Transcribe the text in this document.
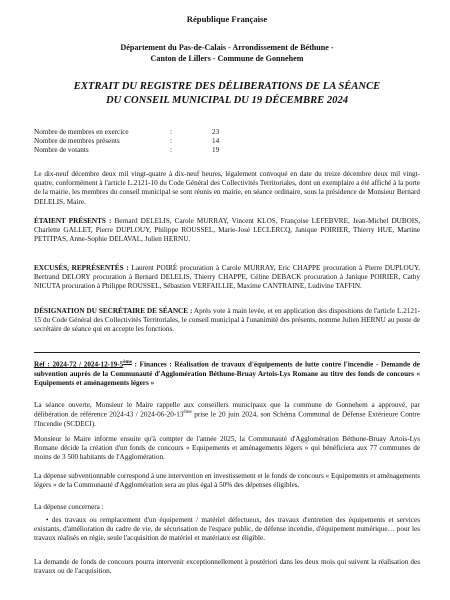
République Française
Département du Pas-de-Calais - Arrondissement de Béthune -
Canton de Lillers - Commune de Gonnehem
EXTRAIT DU REGISTRE DES DÉLIBERATIONS DE LA SÉANCE
DU CONSEIL MUNICIPAL DU 19 DÉCEMBRE 2024
Nombre de membres en exercice	:	23
Nombre de membres présents	:	14
Nombre de votants	:	19

Le dix-neuf décembre deux mil vingt-quatre à dix-neuf heures, légalement convoqué en date du treize décembre deux mil vingt-quatre, conformément à l'article L.2121-10 du Code Général des Collectivités Territoriales, dont un exemplaire a été affiché à la porte de la mairie, les membres du conseil municipal se sont réunis en mairie, en séance ordinaire, sous la présidence de Monsieur Bernard DELELIS, Maire.

ÉTAIENT PRÉSENTS : Bernard DELELIS, Carole MURRAY, Vincent KLOS, Françoise LEFEBVRE, Jean-Michel DUBOIS, Charlette GALLET, Pierre DUPLOUY, Philippe ROUSSEL, Marie-José LECLERCQ, Janique POIRIER, Thierry HUE, Martine PETITPAS, Anne-Sophie DELAVAL, Julien HERNU.

EXCUSÉS, REPRÉSENTÉS : Laurent POIRÉ procuration à Carole MURRAY, Eric CHAPPE procuration à Pierre DUPLOUY, Bertrand DELORY procuration à Bernard DELELIS, Thierry CHAPPE, Céline DEBACK procuration à Janique POIRIER, Cathy NICUTA procuration à Philippe ROUSSEL, Sébastien VERFAILLIE, Maxime CANTRAINE, Ludivine TAFFIN.

DÉSIGNATION DU SECRÉTAIRE DE SÉANCE : Après vote à main levée, et en application des dispositions de l'article L.2121-15 du Code Général des Collectivités Territoriales, le conseil municipal à l'unanimité des présents, nomme Julien HERNU au poste de secrétaire de séance qui en accepte les fonctions.

Réf : 2024-72 / 2024-12-19-5ème : Finances : Réalisation de travaux d'équipements de lutte contre l'incendie - Demande de subvention auprès de la Communauté d'Agglomération Béthune-Bruay Artois-Lys Romane au titre des fonds de concours « Equipements et aménagements légers »

La séance ouverte, Monsieur le Maire rappelle aux conseillers municipaux que la commune de Gonnehem a approuvé, par délibération de référence 2024-43 / 2024-06-20-13ème prise le 20 juin 2024, son Schéma Communal de Défense Extérieure Contre l'Incendie (SCDECI).

Monsieur le Maire informe ensuite qu'à compter de l'année 2025, la Communauté d'Agglomération Béthune-Bruay Artois-Lys Romane décide la création d'un fonds de concours « Equipements et aménagements légers » qui bénéficiera aux 77 communes de moins de 3 500 habitants de l'Agglomération.

La dépense subventionnable correspond à une intervention en investissement et le fonds de concours « Equipements et aménagements légers » de la Communauté d'Agglomération sera au plus égal à 50% des dépenses éligibles.

La dépense concernera :

• des travaux ou remplacement d'un équipement / matériel défectueux, des travaux d'entretien des équipements et services existants, d'amélioration du cadre de vie, de sécurisation de l'espace public, de défense incendie, d'équipement numérique… pour les travaux réalisés en régie, seule l'acquisition de matériel et matériaux est éligible.

La demande de fonds de concours pourra intervenir exceptionnellement à postériori dans les deux mois qui suivent la réalisation des travaux ou de l'acquisition.
